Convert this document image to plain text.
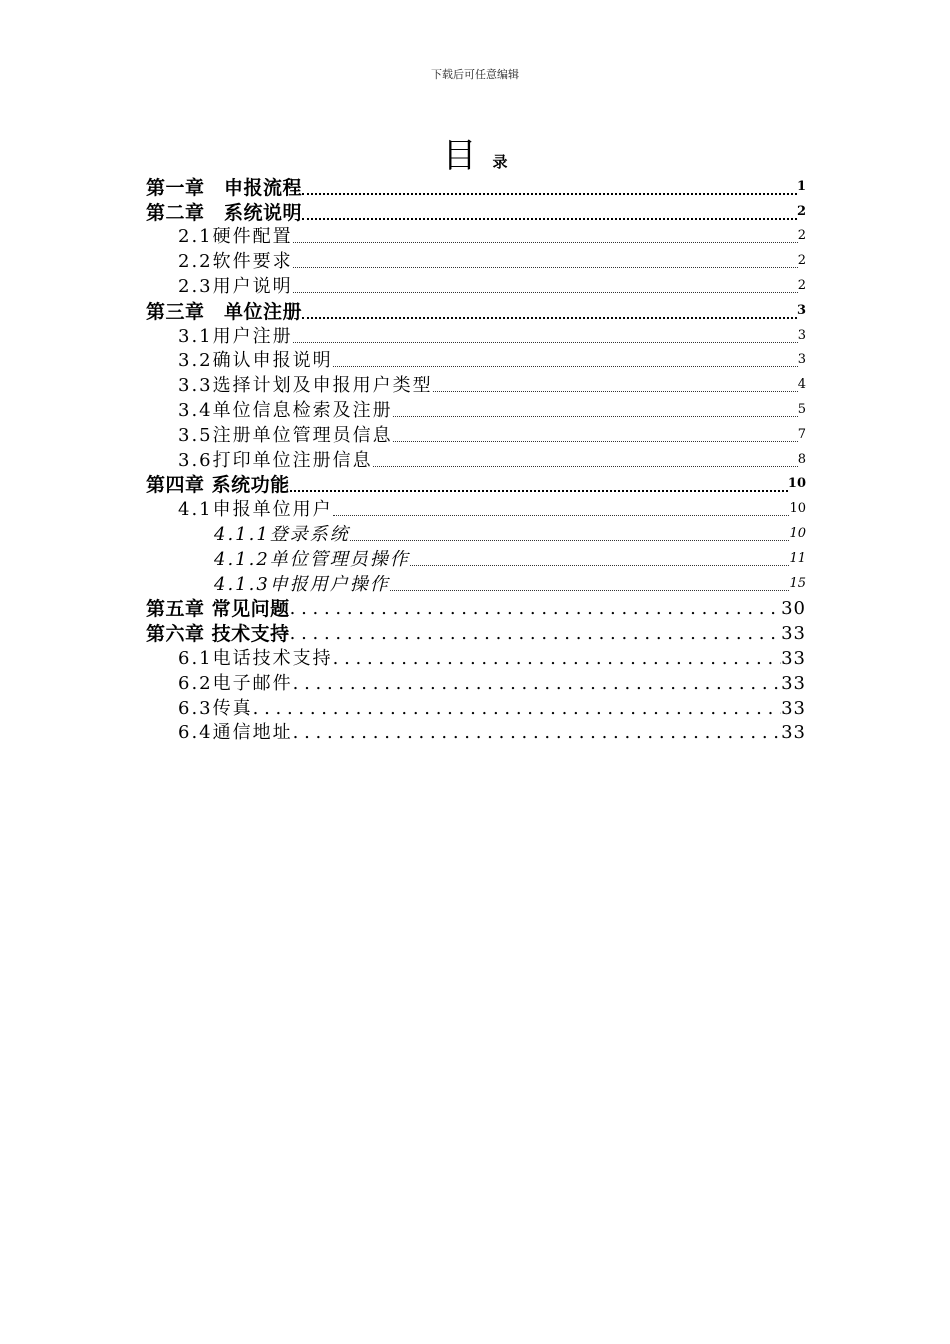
下载后可任意编辑
目 录
第一章　申报流程	1
第二章　系统说明	2
2.1硬件配置	2
2.2软件要求	2
2.3用户说明	2
第三章　单位注册	3
3.1用户注册	3
3.2确认申报说明	3
3.3选择计划及申报用户类型	4
3.4单位信息检索及注册	5
3.5注册单位管理员信息	7
3.6打印单位注册信息	8
第四章 系统功能	10
4.1申报单位用户	10
4.1.1登录系统	10
4.1.2单位管理员操作	11
4.1.3申报用户操作	15
第五章 常见问题 . . .	30
第六章 技术支持 . . .	33
6.1电话技术支持 . . .	33
6.2电子邮件 . . .	33
6.3传真 . . .	33
6.4通信地址 . . .	33
